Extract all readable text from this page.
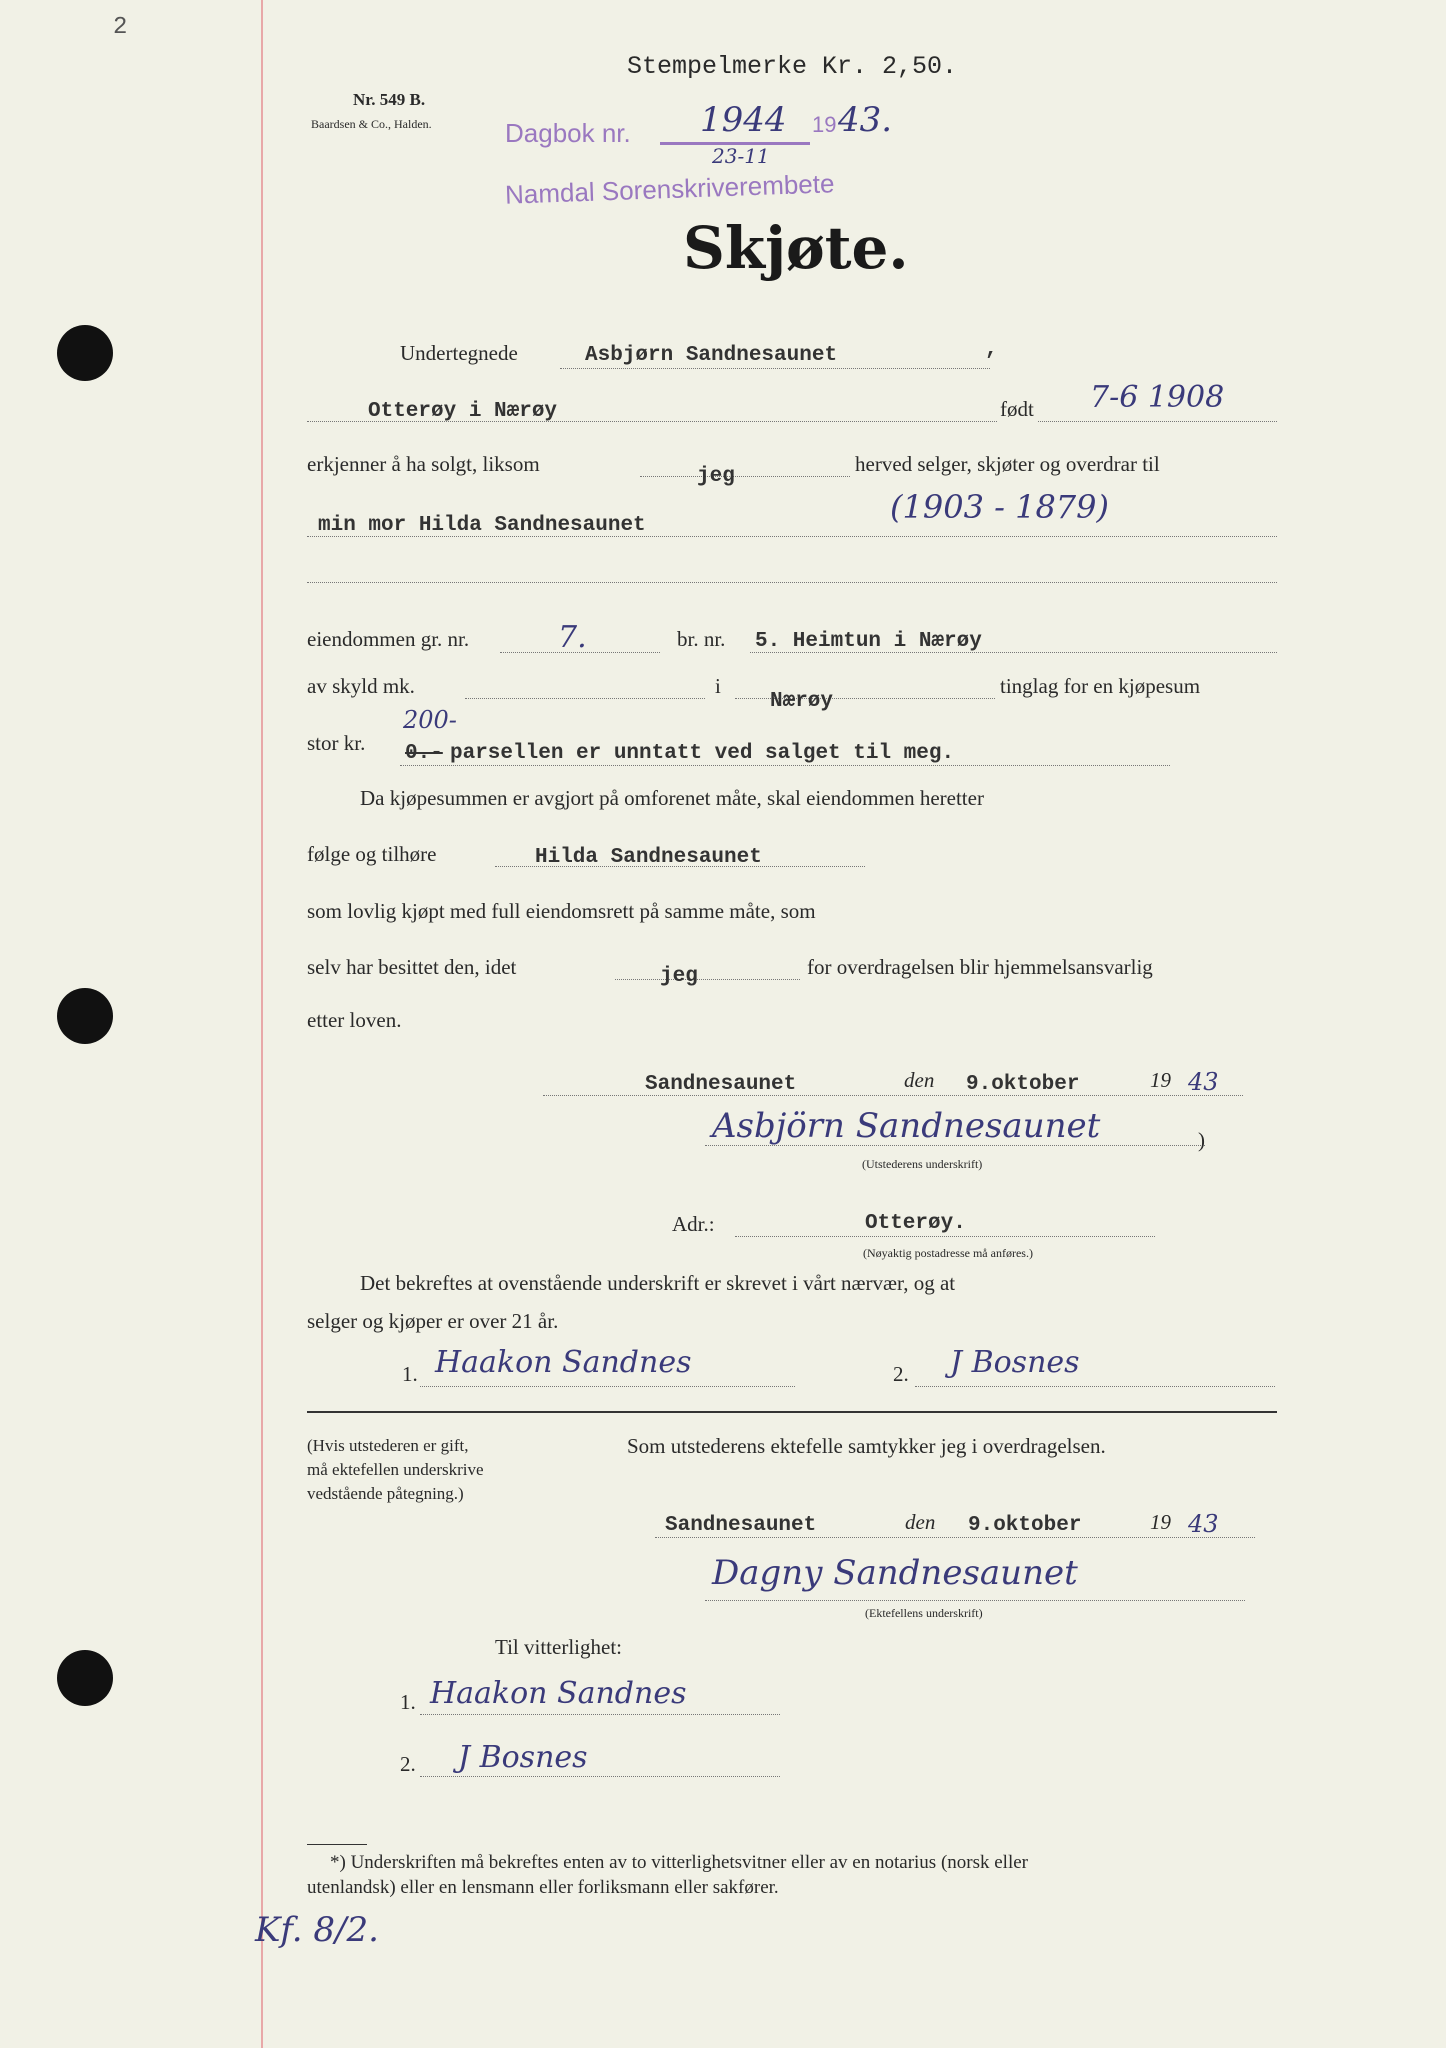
2
Stempelmerke Kr. 2,50.
Nr. 549 B.
Baardsen & Co., Halden.	Dagbok nr. 1944 19 43.
23-11
Namdal Sorenskriverembete
Skjøte.
Undertegnede	Asbjørn Sandnesaunet	,
Otterøy i Nærøy	født 7-6 1908
erkjenner å ha solgt, liksom
jeg
herved selger, skjøter og overdrar til
min mor Hilda Sandnesaunet	(1903 - 1879)
eiendommen gr. nr.	7.	br. nr. 5. Heimtun i Nærøy
av skyld mk.	i
Nærøy
tinglag for en kjøpesum
stor kr.
200-
0.- parsellen er unntatt ved salget til meg.
Da kjøpesummen er avgjort på omforenet måte, skal eiendommen heretter
følge og tilhøre	Hilda Sandnesaunet
som lovlig kjøpt med full eiendomsrett på samme måte, som
selv har besittet den, idet	jeg	for overdragelsen blir hjemmelsansvarlig
etter loven.
Sandnesaunet	den 9.oktober	19 43
Asbjörn Sandnesaunet	)
(Utstederens underskrift)
Adr.:	Otterøy.
(Nøyaktig postadresse må anføres.)
Det bekreftes at ovenstående underskrift er skrevet i vårt nærvær, og at
selger og kjøper er over 21 år.
1. Haakon Sandnes	2. J Bosnes
(Hvis utstederen er gift,
må ektefellen underskrive
vedstående påtegning.)
Som utstederens ektefelle samtykker jeg i overdragelsen.
Sandnesaunet	den 9.oktober	19 43
Dagny Sandnesaunet
(Ektefellens underskrift)
Til vitterlighet:
1. Haakon Sandnes
2. J Bosnes
*) Underskriften må bekreftes enten av to vitterlighetsvitner eller av en notarius (norsk eller
utenlandsk) eller en lensmann eller forliksmann eller sakfører.
Kf. 8/2.
